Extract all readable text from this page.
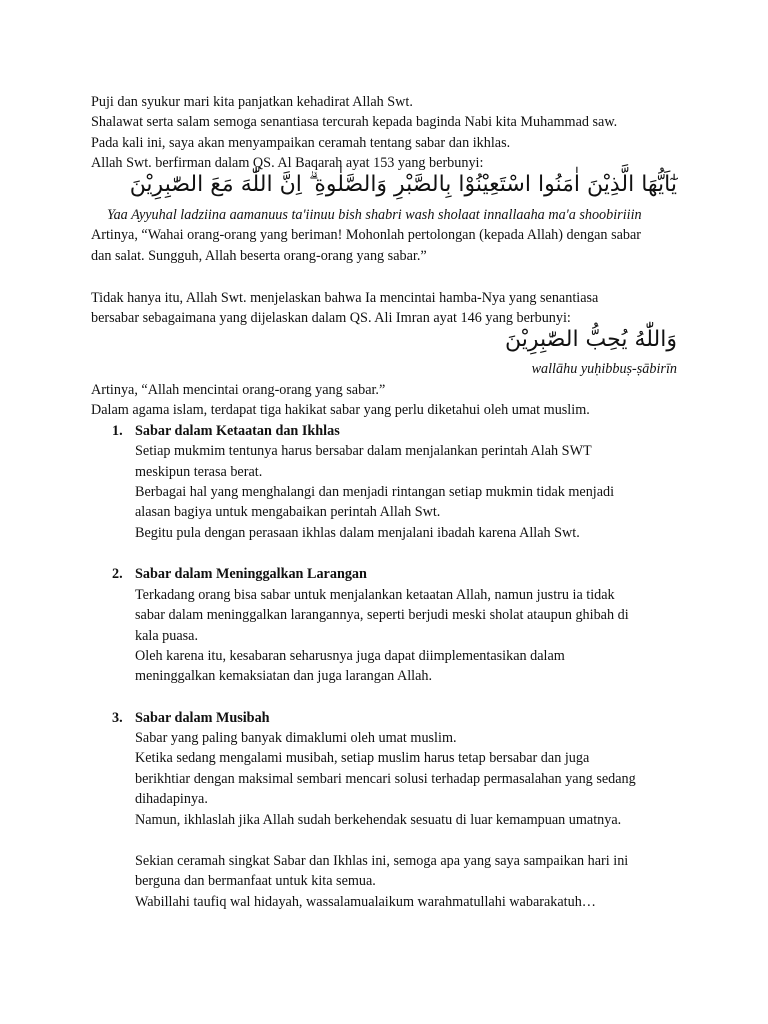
Puji dan syukur mari kita panjatkan kehadirat Allah Swt.
Shalawat serta salam semoga senantiasa tercurah kepada baginda Nabi kita Muhammad saw.
Pada kali ini, saya akan menyampaikan ceramah tentang sabar dan ikhlas.
Allah Swt. berfirman dalam QS. Al Baqarah ayat 153 yang berbunyi:
يٰٓاَيُّهَا الَّذِيْنَ اٰمَنُوا اسْتَعِيْنُوْا بِالصَّبْرِ وَالصَّلٰوةِ ۗ اِنَّ اللّٰهَ مَعَ الصّٰبِرِيْنَ
Yaa Ayyuhal ladziina aamanuus ta'iinuu bish shabri wash sholaat innallaaha ma'a shoobiriiin
Artinya, “Wahai orang-orang yang beriman! Mohonlah pertolongan (kepada Allah) dengan sabar
dan salat. Sungguh, Allah beserta orang-orang yang sabar.”
Tidak hanya itu, Allah Swt. menjelaskan bahwa Ia mencintai hamba-Nya yang senantiasa
bersabar sebagaimana yang dijelaskan dalam QS. Ali Imran ayat 146 yang berbunyi:
وَاللّٰهُ يُحِبُّ الصّٰبِرِيْنَ
wallāhu yuḥibbuṣ-ṣābirīn
Artinya, “Allah mencintai orang-orang yang sabar.”
Dalam agama islam, terdapat tiga hakikat sabar yang perlu diketahui oleh umat muslim.
1. Sabar dalam Ketaatan dan Ikhlas
Setiap mukmim tentunya harus bersabar dalam menjalankan perintah Alah SWT
meskipun terasa berat.
Berbagai hal yang menghalangi dan menjadi rintangan setiap mukmin tidak menjadi
alasan bagiya untuk mengabaikan perintah Allah Swt.
Begitu pula dengan perasaan ikhlas dalam menjalani ibadah karena Allah Swt.
2. Sabar dalam Meninggalkan Larangan
Terkadang orang bisa sabar untuk menjalankan ketaatan Allah, namun justru ia tidak
sabar dalam meninggalkan larangannya, seperti berjudi meski sholat ataupun ghibah di
kala puasa.
Oleh karena itu, kesabaran seharusnya juga dapat diimplementasikan dalam
meninggalkan kemaksiatan dan juga larangan Allah.
3. Sabar dalam Musibah
Sabar yang paling banyak dimaklumi oleh umat muslim.
Ketika sedang mengalami musibah, setiap muslim harus tetap bersabar dan juga
berikhtiar dengan maksimal sembari mencari solusi terhadap permasalahan yang sedang
dihadapinya.
Namun, ikhlaslah jika Allah sudah berkehendak sesuatu di luar kemampuan umatnya.
Sekian ceramah singkat Sabar dan Ikhlas ini, semoga apa yang saya sampaikan hari ini
berguna dan bermanfaat untuk kita semua.
Wabillahi taufiq wal hidayah, wassalamualaikum warahmatullahi wabarakatuh…
